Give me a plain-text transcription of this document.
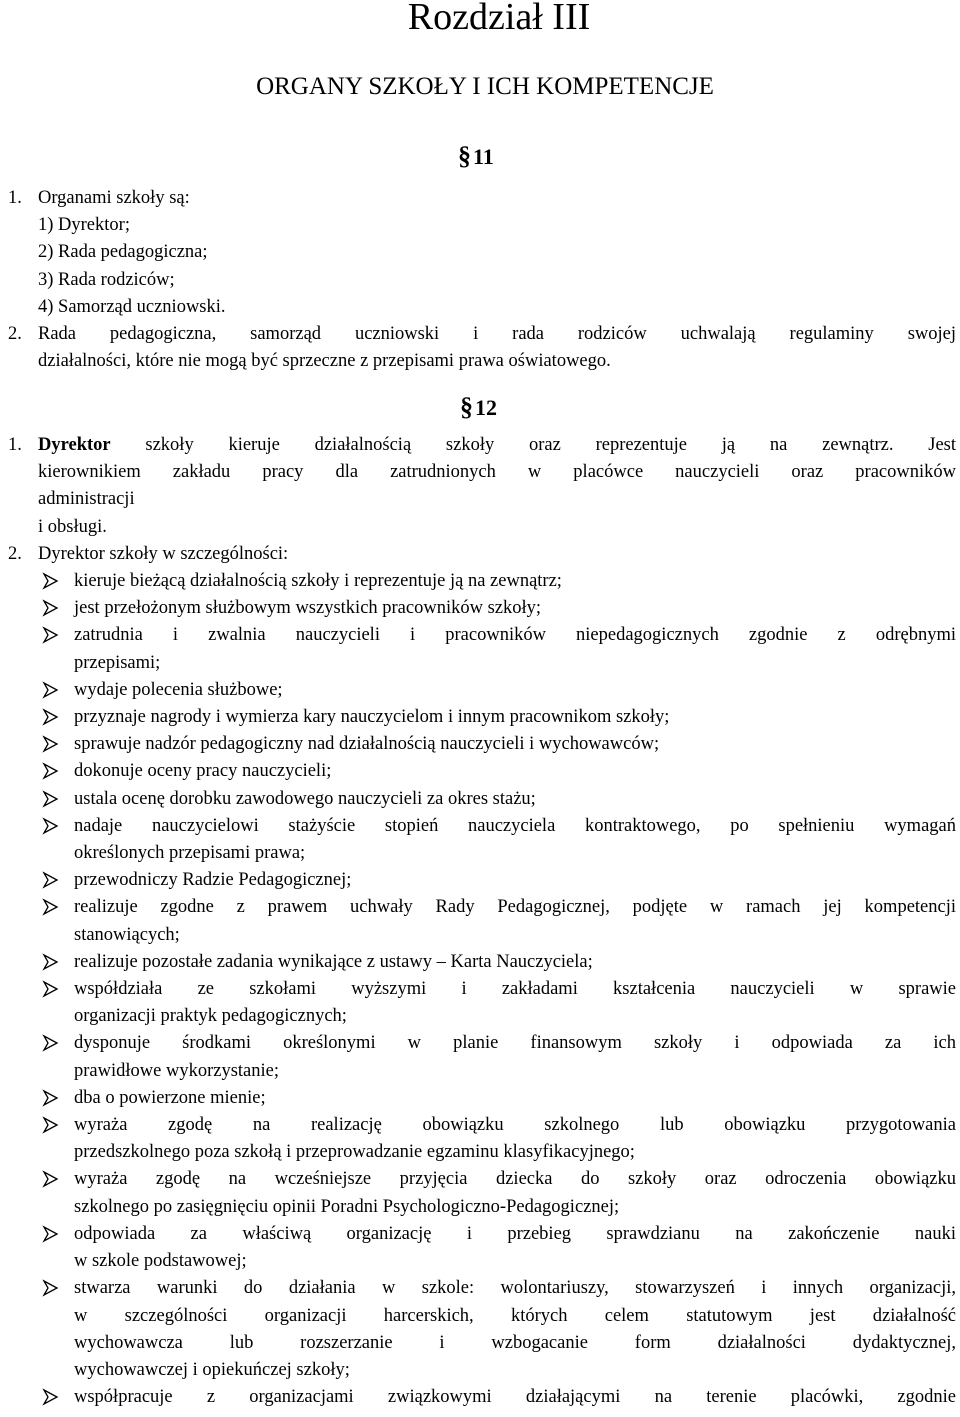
Rozdział III
ORGANY SZKOŁY I ICH KOMPETENCJE
§11
1. Organami szkoły są:
1) Dyrektor;
2) Rada pedagogiczna;
3) Rada rodziców;
4) Samorząd uczniowski.
2. Rada pedagogiczna, samorząd uczniowski i rada rodziców uchwalają regulaminy swojej
działalności, które nie mogą być sprzeczne z przepisami prawa oświatowego.
§12
1. Dyrektor szkoły kieruje działalnością szkoły oraz reprezentuje ją na zewnątrz. Jest
kierownikiem zakładu pracy dla zatrudnionych w placówce nauczycieli oraz pracowników
administracji
i obsługi.
2. Dyrektor szkoły w szczególności:
kieruje bieżącą działalnością szkoły i reprezentuje ją na zewnątrz;
jest przełożonym służbowym wszystkich pracowników szkoły;
zatrudnia i zwalnia nauczycieli i pracowników niepedagogicznych zgodnie z odrębnymi
przepisami;
wydaje polecenia służbowe;
przyznaje nagrody i wymierza kary nauczycielom i innym pracownikom szkoły;
sprawuje nadzór pedagogiczny nad działalnością nauczycieli i wychowawców;
dokonuje oceny pracy nauczycieli;
ustala ocenę dorobku zawodowego nauczycieli za okres stażu;
nadaje nauczycielowi stażyście stopień nauczyciela kontraktowego, po spełnieniu wymagań
określonych przepisami prawa;
przewodniczy Radzie Pedagogicznej;
realizuje zgodne z prawem uchwały Rady Pedagogicznej, podjęte w ramach jej kompetencji
stanowiących;
realizuje pozostałe zadania wynikające z ustawy – Karta Nauczyciela;
współdziała ze szkołami wyższymi i zakładami kształcenia nauczycieli w sprawie
organizacji praktyk pedagogicznych;
dysponuje środkami określonymi w planie finansowym szkoły i odpowiada za ich
prawidłowe wykorzystanie;
dba o powierzone mienie;
wyraża zgodę na realizację obowiązku szkolnego lub obowiązku przygotowania
przedszkolnego poza szkołą i przeprowadzanie egzaminu klasyfikacyjnego;
wyraża zgodę na wcześniejsze przyjęcia dziecka do szkoły oraz odroczenia obowiązku
szkolnego po zasięgnięciu opinii Poradni Psychologiczno-Pedagogicznej;
odpowiada za właściwą organizację i przebieg sprawdzianu na zakończenie nauki
w szkole podstawowej;
stwarza warunki do działania w szkole: wolontariuszy, stowarzyszeń i innych organizacji,
w szczególności organizacji harcerskich, których celem statutowym jest działalność
wychowawcza lub rozszerzanie i wzbogacanie form działalności dydaktycznej,
wychowawczej i opiekuńczej szkoły;
współpracuje z organizacjami związkowymi działającymi na terenie placówki, zgodnie
